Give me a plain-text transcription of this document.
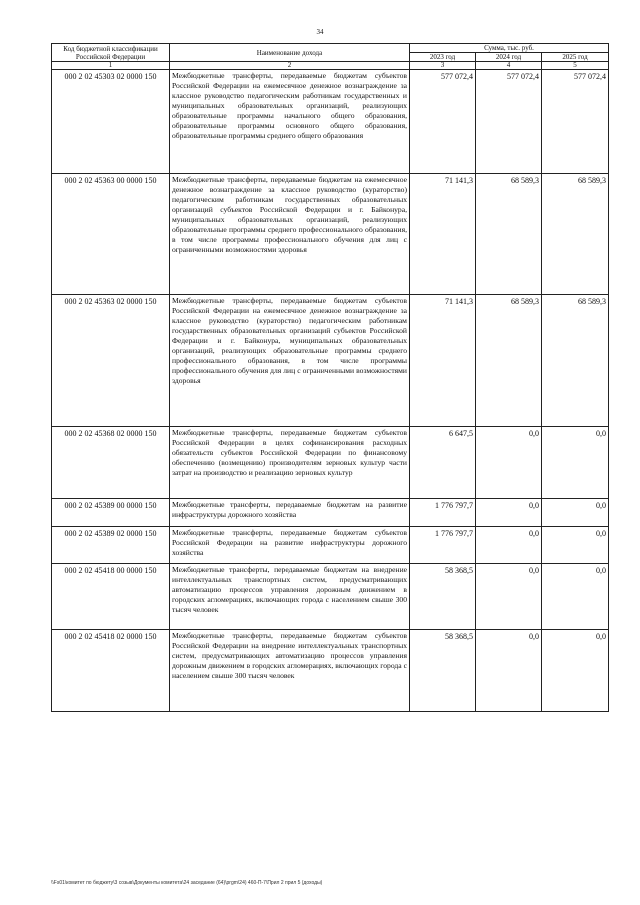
34
Код бюджетной классификации Российской Федерации	Наименование дохода	Сумма, тыс. руб.		
		2023 год	2024 год	2025 год
1	2	3	4	5
000 2 02 45303 02 0000 150	Межбюджетные трансферты, передаваемые бюджетам субъектов Российской Федерации на ежемесячное денежное вознаграждение за классное руководство педагогическим работникам государственных и муниципальных образовательных организаций, реализующих образовательные программы начального общего образования, образовательные программы основного общего образования, образовательные программы среднего общего образования	577 072,4	577 072,4	577 072,4
000 2 02 45363 00 0000 150	Межбюджетные трансферты, передаваемые бюджетам на ежемесячное денежное вознаграждение за классное руководство (кураторство) педагогическим работникам государственных образовательных организаций субъектов Российской Федерации и г. Байконура, муниципальных образовательных организаций, реализующих образовательные программы среднего профессионального образования, в том числе программы профессионального обучения для лиц с ограниченными возможностями здоровья	71 141,3	68 589,3	68 589,3
000 2 02 45363 02 0000 150	Межбюджетные трансферты, передаваемые бюджетам субъектов Российской Федерации на ежемесячное денежное вознаграждение за классное руководство (кураторство) педагогическим работникам государственных образовательных организаций субъектов Российской Федерации и г. Байконура, муниципальных образовательных организаций, реализующих образовательные программы среднего профессионального образования, в том числе программы профессионального обучения для лиц с ограниченными возможностями здоровья	71 141,3	68 589,3	68 589,3
000 2 02 45368 02 0000 150	Межбюджетные трансферты, передаваемые бюджетам субъектов Российской Федерации в целях софинансирования расходных обязательств субъектов Российской Федерации по финансовому обеспечению (возмещению) производителям зерновых культур части затрат на производство и реализацию зерновых культур	6 647,5	0,0	0,0
000 2 02 45389 00 0000 150	Межбюджетные трансферты, передаваемые бюджетам на развитие инфраструктуры дорожного хозяйства	1 776 797,7	0,0	0,0
000 2 02 45389 02 0000 150	Межбюджетные трансферты, передаваемые бюджетам субъектов Российской Федерации на развитие инфраструктуры дорожного хозяйства	1 776 797,7	0,0	0,0
000 2 02 45418 00 0000 150	Межбюджетные трансферты, передаваемые бюджетам на внедрение интеллектуальных транспортных систем, предусматривающих автоматизацию процессов управления дорожным движением в городских агломерациях, включающих города с населением свыше 300 тысяч человек	58 368,5	0,0	0,0
000 2 02 45418 02 0000 150	Межбюджетные трансферты, передаваемые бюджетам субъектов Российской Федерации на внедрение интеллектуальных транспортных систем, предусматривающих автоматизацию процессов управления дорожным движением в городских агломерациях, включающих города с населением свыше 300 тысяч человек	58 368,5	0,0	0,0
\\Fs01\комитет по бюджету\3 созыв\Документы комитета\24 заседание (64)\prgm\24) 460-П-7\Прил 2 прил 5 (доходы)
